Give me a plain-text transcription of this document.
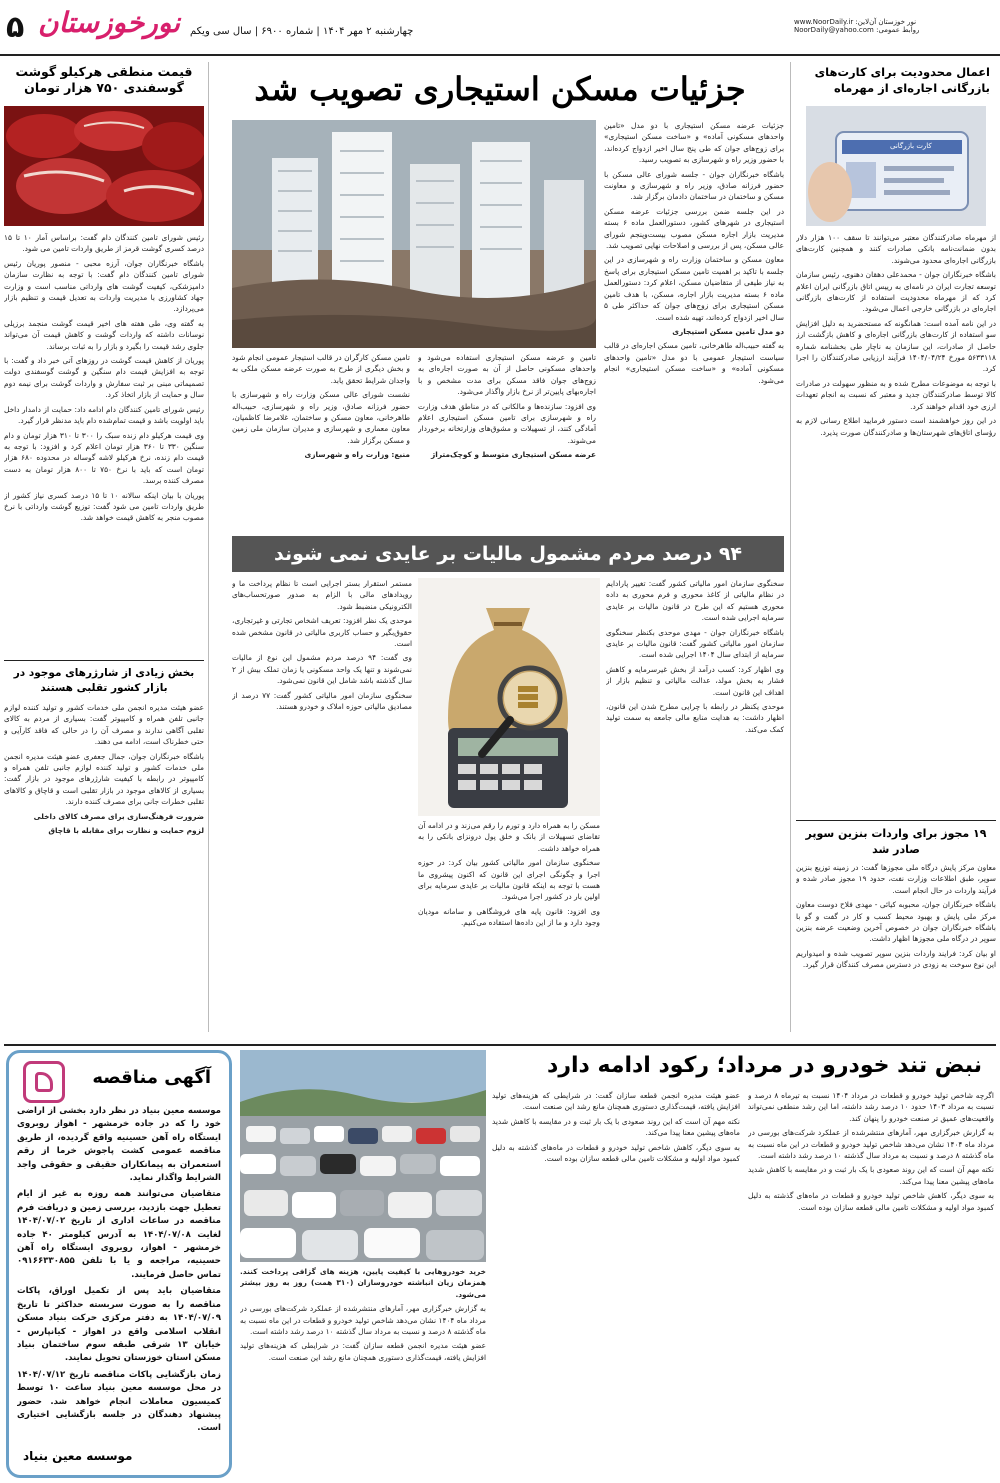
۵ نورخوزستان چهارشنبه ۲ مهر ۱۴۰۴ | شماره ۶۹۰۰ | سال سی ویکم
www.NoorDaily.ir :نور خوزستان آن‌لاین
NoorDaily@yahoo.com :روابط عمومی
قیمت منطقی هرکیلو گوشت گوسفندی ۷۵۰ هزار تومان

رئیس شورای تامین کنندگان دام گفت: براساس آمار ۱۰ تا ۱۵ درصد کسری گوشت قرمز از طریق واردات تامین می شود.

باشگاه خبرنگاران جوان، آرزه محبی - منصور پوریان رئیس شورای تامین کنندگان دام گفت: با توجه به نظارت سازمان دامپزشکی، کیفیت گوشت های وارداتی مناسب است و وزارت جهاد کشاورزی با مدیریت واردات به تعدیل قیمت و تنظیم بازار می‌پردازد.

به گفته وی، طی هفته های اخیر قیمت گوشت منجمد برزیلی نوسانات داشته که واردات گوشت و کاهش قیمت آن می‌تواند جلوی رشد قیمت را بگیرد و بازار را به ثبات برساند.

پوریان از کاهش قیمت گوشت در روزهای آتی خبر داد و گفت: با توجه به افزایش قیمت دام سنگین و گوشت گوسفندی دولت تصمیماتی مبنی بر ثبت سفارش و واردات گوشت برای نیمه دوم سال و حمایت از بازار اتخاذ کرد.

رئیس شورای تامین کنندگان دام ادامه داد: حمایت از دامدار داخل باید اولویت باشد و قیمت تمام‌شده دام باید مدنظر قرار گیرد.

وی قیمت هرکیلو دام زنده سبک را ۳۰۰ تا ۳۱۰ هزار تومان و دام سنگین ۳۳۰ تا ۳۶۰ هزار تومان اعلام کرد و افزود: با توجه به قیمت دام زنده، نرخ هرکیلو لاشه گوساله در محدوده ۶۸۰ هزار تومان است که باید با نرخ ۷۵۰ تا ۸۰۰ هزار تومان به دست مصرف کننده برسد.

پوریان با بیان اینکه سالانه ۱۰ تا ۱۵ درصد کسری نیاز کشور از طریق واردات تامین می شود گفت: توزیع گوشت وارداتی با نرخ مصوب منجر به کاهش قیمت خواهد شد.

بخش زیادی از شارژرهای موجود در بازار کشور تقلبی هستند

عضو هیئت مدیره انجمن ملی خدمات کشور و تولید کننده لوازم جانبی تلفن همراه و کامپیوتر گفت: بسیاری از مردم به کالای تقلبی آگاهی ندارند و مصرف آن را در حالی که فاقد کارآیی و حتی خطرناک است، ادامه می دهند.

باشگاه خبرنگاران جوان، جمال جعفری عضو هیئت مدیره انجمن ملی خدمات کشور و تولید کننده لوازم جانبی تلفن همراه و کامپیوتر در رابطه با کیفیت شارژرهای موجود در بازار گفت: بسیاری از کالاهای موجود در بازار تقلبی است و قاچاق و کالاهای تقلبی خطرات جانی برای مصرف کننده دارند.

ضرورت فرهنگ‌سازی برای مصرف کالای داخلی

لزوم حمایت و نظارت برای مقابله با قاچاق

جزئیات مسکن استیجاری تصویب شد

جزئیات عرضه مسکن استیجاری با دو مدل «تامین واحدهای مسکونی آماده» و «ساخت مسکن استیجاری» برای زوج‌های جوان که طی پنج سال اخیر ازدواج کرده‌اند، با حضور وزیر راه و شهرسازی به تصویب رسید.

باشگاه خبرنگاران جوان - جلسه شورای عالی مسکن با حضور فرزانه صادق، وزیر راه و شهرسازی و معاونت مسکن و ساختمان در ساختمان دادمان برگزار شد.

در این جلسه ضمن بررسی جزئیات عرضه مسکن استیجاری در شهرهای کشور، دستورالعمل ماده ۶ بسته مدیریت بازار اجاره مسکن مصوب بیست‌وپنجم شورای عالی مسکن، پس از بررسی و اصلاحات نهایی تصویب شد.

معاون مسکن و ساختمان وزارت راه و شهرسازی در این جلسه با تاکید بر اهمیت تامین مسکن استیجاری برای پاسخ به نیاز طیفی از متقاضیان مسکن، اعلام کرد: دستورالعمل ماده ۶ بسته مدیریت بازار اجاره، مسکن، با هدف تامین مسکن استیجاری برای زوج‌های جوان که حداکثر طی ۵ سال اخیر ازدواج کرده‌اند، تهیه شده است.

دو مدل تامین مسکن استیجاری

به گفته حبیب‌اله طاهرخانی، تامین مسکن اجاره‌ای در قالب سیاست استیجار عمومی با دو مدل «تامین واحدهای مسکونی آماده» و «ساخت مسکن استیجاری» انجام می‌شود.

تامین و عرضه مسکن استیجاری استفاده می‌شود و واحدهای مسکونی حاصل از آن به صورت اجاره‌ای به زوج‌های جوان فاقد مسکن برای مدت مشخص و با اجاره‌بهای پایین‌تر از نرخ بازار واگذار می‌شود.

وی افزود: سازنده‌ها و مالکانی که در مناطق هدف وزارت راه و شهرسازی برای تامین مسکن استیجاری اعلام آمادگی کنند، از تسهیلات و مشوق‌های وزارتخانه برخوردار می‌شوند.

عرضه مسکن استیجاری متوسط و کوچک‌متراژ

تامین مسکن کارگران در قالب استیجار عمومی انجام شود و بخش دیگری از طرح به صورت عرضه مسکن ملکی به واجدان شرایط تحقق یابد.

نشست شورای عالی مسکن وزارت راه و شهرسازی با حضور فرزانه صادق، وزیر راه و شهرسازی، حبیب‌اله طاهرخانی، معاون مسکن و ساختمان، غلامرضا کاظمیان، معاون معماری و شهرسازی و مدیران سازمان ملی زمین و مسکن برگزار شد.

منبع: وزارت راه و شهرسازی

۹۴ درصد مردم مشمول مالیات بر عایدی نمی شوند

سخنگوی سازمان امور مالیاتی کشور گفت: تغییر پارادایم در نظام مالیاتی از کاغذ محوری و فرم محوری به داده محوری هستیم که این طرح در قانون مالیات بر عایدی سرمایه اجرایی شده است.

باشگاه خبرنگاران جوان - مهدی موحدی بکنظر سخنگوی سازمان امور مالیاتی کشور گفت: قانون مالیات بر عایدی سرمایه از ابتدای سال ۱۴۰۴ اجرایی شده است.

وی اظهار کرد: کسب درآمد از بخش غیرسرمایه و کاهش فشار به بخش مولد، عدالت مالیاتی و تنظیم بازار از اهداف این قانون است.

موحدی یکنظر در رابطه با چرایی مطرح شدن این قانون، اظهار داشت: به هدایت منابع مالی جامعه به سمت تولید کمک می‌کند.

مسکن را به همراه دارد و تورم را رقم می‌زند و در ادامه آن تقاضای تسهیلات از بانک و خلق پول درونزای بانکی را به همراه خواهد داشت.

سخنگوی سازمان امور مالیاتی کشور بیان کرد: در حوزه اجرا و چگونگی اجرای این قانون که اکنون پیشروی ما هست با توجه به اینکه قانون مالیات بر عایدی سرمایه برای اولین بار در کشور اجرا می‌شود.

وی افزود: قانون پایه های فروشگاهی و سامانه مودیان وجود دارد و ما از این داده‌ها استفاده می‌کنیم.

مستمر استقرار بستر اجرایی است تا نظام پرداخت ما و رویدادهای مالی با الزام به صدور صورتحساب‌های الکترونیکی منضبط شود.

موحدی یک نظر افزود: تعریف اشخاص تجارتی و غیرتجاری، حقوق‌بگیر و حساب کاربری مالیاتی در قانون مشخص شده است.

وی گفت: ۹۴ درصد مردم مشمول این نوع از مالیات نمی‌شوند و تنها یک واحد مسکونی یا زمان تملک بیش از ۲ سال گذشته باشد شامل این قانون نمی‌شود.

سخنگوی سازمان امور مالیاتی کشور گفت: ۷۷ درصد از مصادیق مالیاتی حوزه املاک و خودرو هستند.

اعمال محدودیت برای کارت‌های بازرگانی اجاره‌ای از مهرماه
کارت بازرگانی

از مهرماه صادرکنندگان معتبر می‌توانند تا سقف ۱۰۰ هزار دلار بدون ضمانت‌نامه بانکی صادرات کنند و همچنین کارت‌های بازرگانی اجاره‌ای محدود می‌شوند.

باشگاه خبرنگاران جوان - محمدعلی دهقان دهنوی، رئیس سازمان توسعه تجارت ایران در نامه‌ای به رییس اتاق بازرگانی ایران اعلام کرد که از مهرماه محدودیت استفاده از کارت‌های بازرگانی اجاره‌ای در بازرگانی خارجی اعمال می‌شود.

در این نامه آمده است: همانگونه که مستحضرید به دلیل افزایش سو استفاده از کارت‌های بازرگانی اجاره‌ای و کاهش بازگشت ارز حاصل از صادرات، این سازمان به ناچار طی بخشنامه شماره ۵۶۳۳۱۱۸ مورخ ۱۴۰۴/۰۴/۲۴ فرآیند ارزیابی صادرکنندگان را اجرا کرد.

با توجه به موضوعات مطرح شده و به منظور سهولت در صادرات کالا توسط صادرکنندگان جدید و معتبر که نسبت به انجام تعهدات ارزی خود اقدام خواهند کرد.

در این روز خواهشمند است دستور فرمایید اطلاع رسانی لازم به رؤسای اتاق‌های شهرستان‌ها و صادرکنندگان صورت پذیرد.

۱۹ مجوز برای واردات بنزین سوپر صادر شد

معاون مرکز پایش درگاه ملی مجوزها گفت: در زمینه توزیع بنزین سوپر، طبق اطلاعات وزارت نفت، حدود ۱۹ مجوز صادر شده و فرآیند واردات در حال انجام است.

باشگاه خبرنگاران جوان، محبوبه کیائی - مهدی فلاح دوست معاون مرکز ملی پایش و بهبود محیط کسب و کار در گفت و گو با باشگاه خبرنگاران جوان در خصوص آخرین وضعیت عرضه بنزین سوپر در درگاه ملی مجوزها اظهار داشت.

او بیان کرد: فرایند واردات بنزین سوپر تصویب شده و امیدواریم این نوع سوخت به زودی در دسترس مصرف کنندگان قرار گیرد.

نبض تند خودرو در مرداد؛ رکود ادامه دارد

اگرچه شاخص تولید خودرو و قطعات در مرداد ۱۴۰۴ نسبت به تیرماه ۸ درصد و نسبت به مرداد ۱۴۰۳ حدود ۱۰ درصد رشد داشته، اما این رشد منطقی نمی‌تواند واقعیت‌های عمیق تر صنعت خودرو را پنهان کند.

به گزارش خبرگزاری مهر، آمارهای منتشرشده از عملکرد شرکت‌های بورسی در مرداد ماه ۱۴۰۴ نشان می‌دهد شاخص تولید خودرو و قطعات در این ماه نسبت به ماه گذشته ۸ درصد و نسبت به مرداد سال گذشته ۱۰ درصد رشد داشته است.

نکته مهم آن است که این روند صعودی با یک بار ثبت و در مقایسه با کاهش شدید ماه‌های پیشین معنا پیدا می‌کند.

به سوی دیگر، کاهش شاخص تولید خودرو و قطعات در ماه‌های گذشته به دلیل کمبود مواد اولیه و مشکلات تامین مالی قطعه سازان بوده است.

عضو هیئت مدیره انجمن قطعه سازان گفت: در شرایطی که هزینه‌های تولید افزایش یافته، قیمت‌گذاری دستوری همچنان مانع رشد این صنعت است.

نکته مهم آن است که این روند صعودی با یک بار ثبت و در مقایسه با کاهش شدید ماه‌های پیشین معنا پیدا می‌کند.

به سوی دیگر، کاهش شاخص تولید خودرو و قطعات در ماه‌های گذشته به دلیل کمبود مواد اولیه و مشکلات تامین مالی قطعه سازان بوده است.

خرید خودروهایی با کیفیت پایین، هزینه های گزافی پرداخت کنند. همزمان زیان انباشته خودروسازان (۳۱۰ همت) روز به روز بیشتر می‌شود.

به گزارش خبرگزاری مهر، آمارهای منتشرشده از عملکرد شرکت‌های بورسی در مرداد ماه ۱۴۰۴ نشان می‌دهد شاخص تولید خودرو و قطعات در این ماه نسبت به ماه گذشته ۸ درصد و نسبت به مرداد سال گذشته ۱۰ درصد رشد داشته است.

عضو هیئت مدیره انجمن قطعه سازان گفت: در شرایطی که هزینه‌های تولید افزایش یافته، قیمت‌گذاری دستوری همچنان مانع رشد این صنعت است.

آگهی مناقصه

موسسه معین بنیاد در نظر دارد بخشی از اراضی خود را که در جاده خرمشهر - اهواز روبروی ایستگاه راه آهن حسینیه واقع گردیده، از طریق مناقصه عمومی کشت پاجوش خرما از رقم استعمران به پیمانکاران حقیقی و حقوقی واجد الشرایط واگذار نماید.

متقاضیان می‌توانند همه روزه به غیر از ایام تعطیل جهت بازدید، بررسی زمین و دریافت فرم مناقصه در ساعات اداری از تاریخ ۱۴۰۴/۰۷/۰۲ لغایت ۱۴۰۴/۰۷/۰۸ به آدرس کیلومتر ۴۰ جاده خرمشهر - اهواز، روبروی ایستگاه راه آهن حسینیه، مراجعه و یا با تلفن ۰۹۱۶۶۳۳۰۸۵۵ تماس حاصل فرمایند.

متقاضیان باید پس از تکمیل اوراق، پاکات مناقصه را به صورت سربسته حداکثر تا تاریخ ۱۴۰۴/۰۷/۰۹ به دفتر مرکزی حرکت بنیاد مسکن انقلاب اسلامی واقع در اهواز - کیانپارس - خیابان ۱۳ شرقی طبقه سوم ساختمان بنیاد مسکن استان خوزستان تحویل نمایند.

زمان بازگشایی پاکات مناقصه تاریخ ۱۴۰۴/۰۷/۱۲ در محل موسسه معین بنیاد ساعت ۱۰ توسط کمیسیون معاملات انجام خواهد شد. حضور پیشنهاد دهندگان در جلسه بازگشایی اختیاری است.

موسسه معین بنیاد
